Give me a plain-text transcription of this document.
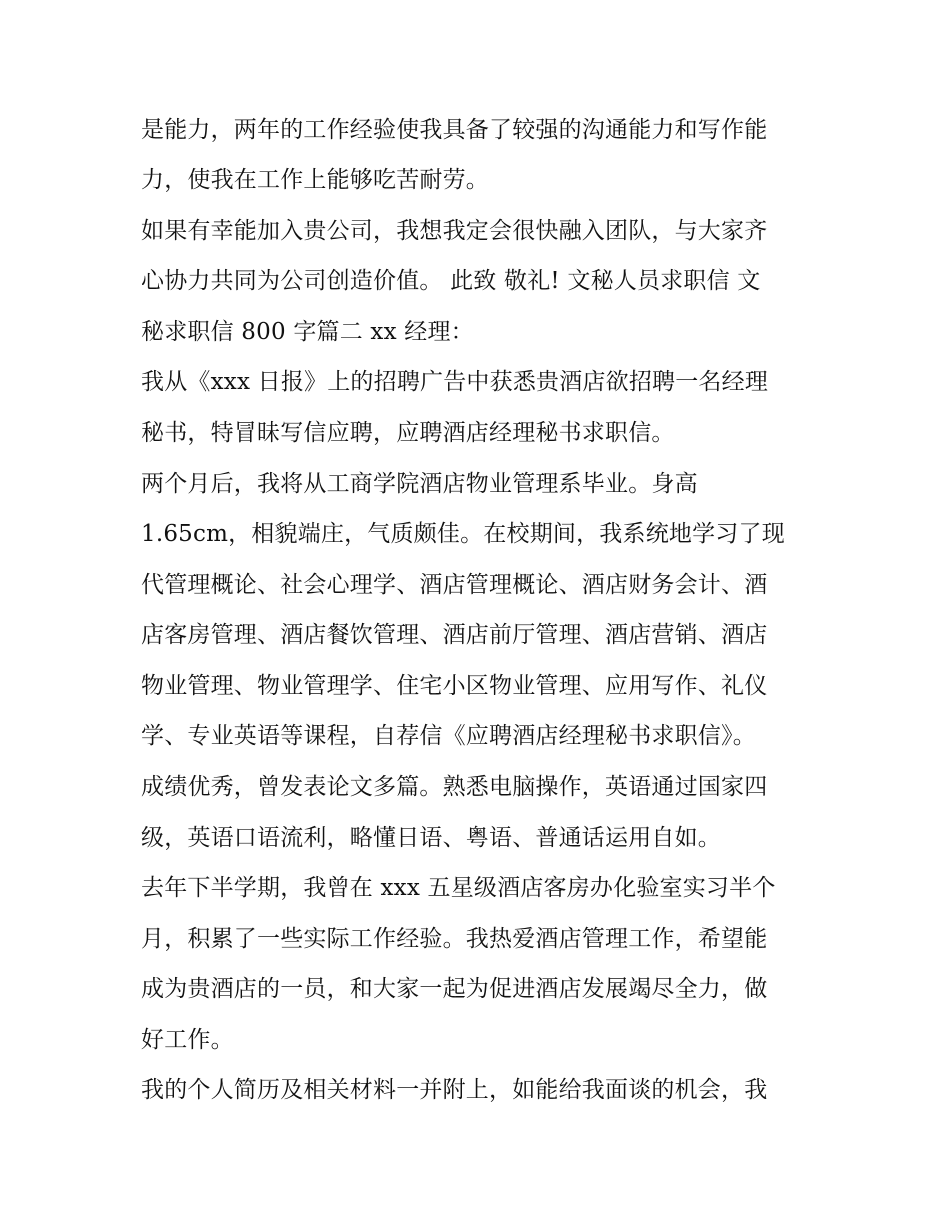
是能力，两年的工作经验使我具备了较强的沟通能力和写作能
力，使我在工作上能够吃苦耐劳。
如果有幸能加入贵公司，我想我定会很快融入团队，与大家齐
心协力共同为公司创造价值。 此致 敬礼! 文秘人员求职信 文
秘求职信 800 字篇二 xx 经理：
我从《xxx 日报》上的招聘广告中获悉贵酒店欲招聘一名经理
秘书，特冒昧写信应聘，应聘酒店经理秘书求职信。
两个月后，我将从工商学院酒店物业管理系毕业。身高
1.65cm，相貌端庄，气质颇佳。在校期间，我系统地学习了现
代管理概论、社会心理学、酒店管理概论、酒店财务会计、酒
店客房管理、酒店餐饮管理、酒店前厅管理、酒店营销、酒店
物业管理、物业管理学、住宅小区物业管理、应用写作、礼仪
学、专业英语等课程，自荐信《应聘酒店经理秘书求职信》。
成绩优秀，曾发表论文多篇。熟悉电脑操作，英语通过国家四
级，英语口语流利，略懂日语、粤语、普通话运用自如。
去年下半学期，我曾在 xxx 五星级酒店客房办化验室实习半个
月，积累了一些实际工作经验。我热爱酒店管理工作，希望能
成为贵酒店的一员，和大家一起为促进酒店发展竭尽全力，做
好工作。
我的个人简历及相关材料一并附上，如能给我面谈的机会，我
